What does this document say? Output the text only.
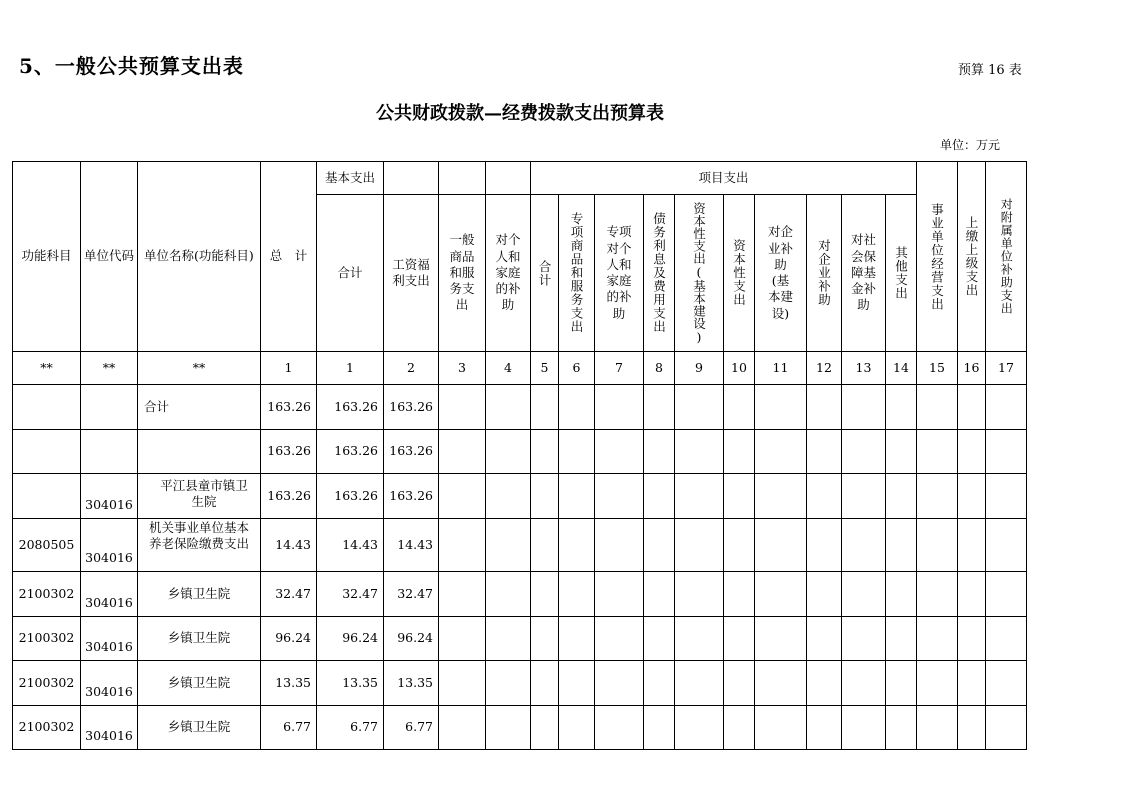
5、一般公共预算支出表	预算 16 表
公共财政拨款—经费拨款支出预算表
单位：万元
功能科目	单位代码	单位名称(功能科目)	总　计	基本支出				项目支出										事业单位经营支出	上缴上级支出	对附属单位补助支出

				合计	工资福利支出	一般商品和服务支出	对个人和家庭的补助	合计	专项商品和服务支出	专项对个人和家庭的补助	债务利息及费用支出	资本性支出(基本建设)	资本性支出	对企业补助(基本建设)	对企业补助	对社会保障基金补助	其他支出			

**	**	**	1	1	2	3	4	5	6	7	8	9	10	11	12	13	14	15	16	17
		合计	163.26	163.26	163.26															
			163.26	163.26	163.26															
	304016	平江县童市镇卫生院	163.26	163.26	163.26															
2080505	304016	机关事业单位基本养老保险缴费支出	14.43	14.43	14.43															
2100302	304016	乡镇卫生院	32.47	32.47	32.47															
2100302	304016	乡镇卫生院	96.24	96.24	96.24															
2100302	304016	乡镇卫生院	13.35	13.35	13.35															
2100302	304016	乡镇卫生院	6.77	6.77	6.77															
